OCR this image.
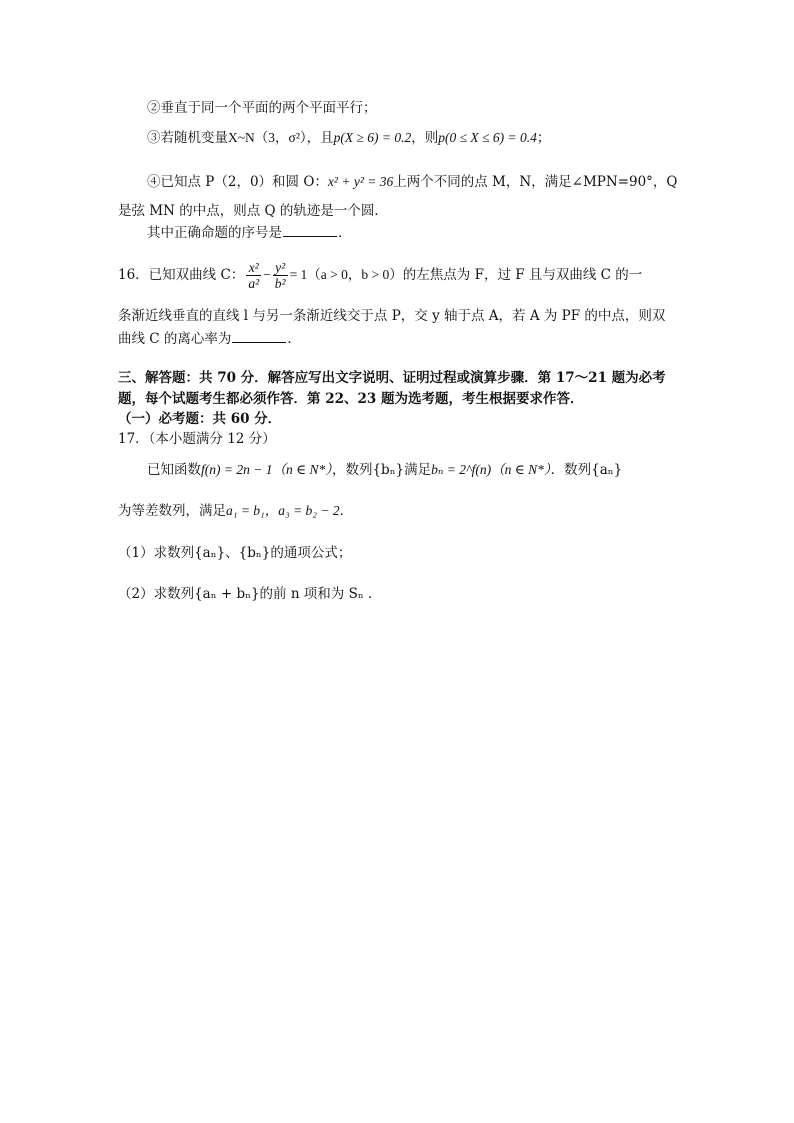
②垂直于同一个平面的两个平面平行；
③若随机变量X~N（3，σ²），且p(X ≥ 6) = 0.2，则p(0 ≤ X ≤ 6) = 0.4；
④已知点 P（2，0）和圆 O：x² + y² = 36上两个不同的点 M，N，满足∠MPN=90°，Q
是弦 MN 的中点，则点 Q 的轨迹是一个圆．
其中正确命题的序号是	．
16．已知双曲线 C： $\frac{\text{x²}}{\text{a²}} - \frac{\text{y²}}{\text{b²}} = 1(a > 0$，b > 0）的左焦点为 F，过 F 且与双曲线 C 的一
条渐近线垂直的直线 l 与另一条渐近线交于点 P，交 y 轴于点 A，若 A 为 PF 的中点，则双
曲线 C 的离心率为	．
三、解答题：共 70 分．解答应写出文字说明、证明过程或演算步骤．第 17～21 题为必考
题，每个试题考生都必须作答．第 22、23 题为选考题，考生根据要求作答．
（一）必考题：共 60 分．
17．（本小题满分 12 分）
已知函数f(n) = 2n − 1（n ∈ N*），数列{bₙ}满足bₙ = 2^f(n)（n ∈ N*）．数列{aₙ}
为等差数列，满足a₁ = b₁，a₃ = b₂ − 2．
（1）求数列{aₙ}、{bₙ}的通项公式；
（2）求数列{aₙ + bₙ}的前 n 项和为 Sₙ ．
